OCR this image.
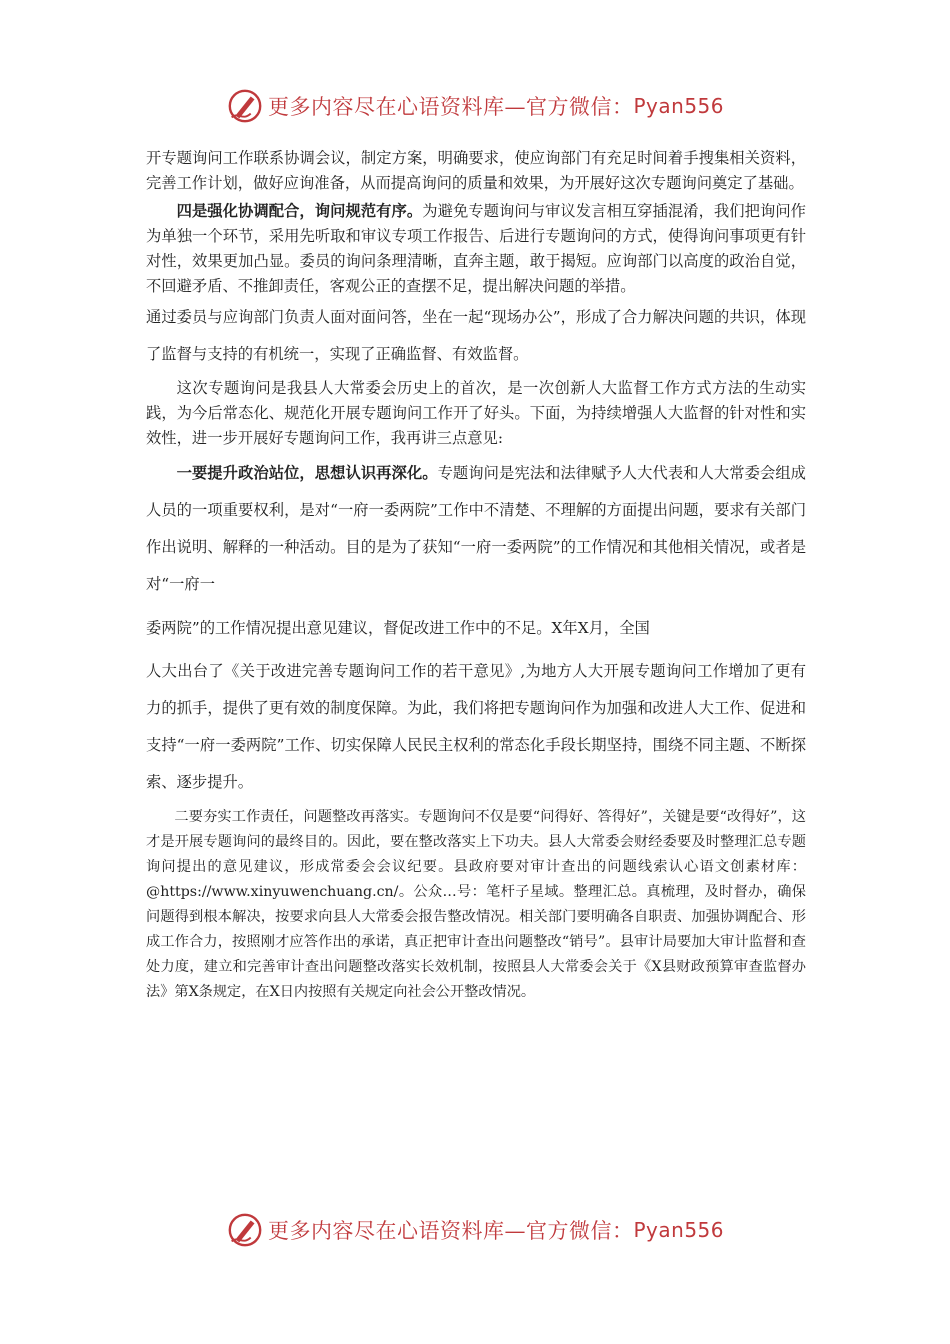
更多内容尽在心语资料库—官方微信： Pyan556

开专题询问工作联系协调会议，制定方案，明确要求，使应询部门有充足时间着手搜集相关资料，完善工作计划，做好应询准备，从而提高询问的质量和效果，为开展好这次专题询问奠定了基础。

四是强化协调配合，询问规范有序。为避免专题询问与审议发言相互穿插混淆，我们把询问作为单独一个环节，采用先听取和审议专项工作报告、后进行专题询问的方式，使得询问事项更有针对性，效果更加凸显。委员的询问条理清晰，直奔主题，敢于揭短。应询部门以高度的政治自觉，不回避矛盾、不推卸责任，客观公正的查摆不足，提出解决问题的举措。

通过委员与应询部门负责人面对面问答，坐在一起“现场办公”，形成了合力解决问题的共识，体现了监督与支持的有机统一，实现了正确监督、有效监督。

这次专题询问是我县人大常委会历史上的首次，是一次创新人大监督工作方式方法的生动实践，为今后常态化、规范化开展专题询问工作开了好头。下面，为持续增强人大监督的针对性和实效性，进一步开展好专题询问工作，我再讲三点意见:

一要提升政治站位，思想认识再深化。专题询问是宪法和法律赋予人大代表和人大常委会组成人员的一项重要权利，是对“一府一委两院”工作中不清楚、不理解的方面提出问题，要求有关部门作出说明、解释的一种活动。目的是为了获知“一府一委两院”的工作情况和其他相关情况，或者是对“一府一

委两院”的工作情况提出意见建议，督促改进工作中的不足。X年X月，全国

人大出台了《关于改进完善专题询问工作的若干意见》,为地方人大开展专题询问工作增加了更有力的抓手，提供了更有效的制度保障。为此，我们将把专题询问作为加强和改进人大工作、促进和支持“一府一委两院”工作、切实保障人民民主权利的常态化手段长期坚持，围绕不同主题、不断探索、逐步提升。

二要夯实工作责任，问题整改再落实。专题询问不仅是要“问得好、答得好”，关键是要“改得好”，这才是开展专题询问的最终目的。因此，要在整改落实上下功夫。县人大常委会财经委要及时整理汇总专题询问提出的意见建议，形成常委会会议纪要。县政府要对审计查出的问题线索认心语文创素材库：@https://www.xinyuwenchuang.cn/。公众…号：笔杆子星域。整理汇总。真梳理，及时督办，确保问题得到根本解决，按要求向县人大常委会报告整改情况。相关部门要明确各自职责、加强协调配合、形成工作合力，按照刚才应答作出的承诺，真正把审计查出问题整改“销号”。县审计局要加大审计监督和查处力度，建立和完善审计查出问题整改落实长效机制，按照县人大常委会关于《X县财政预算审查监督办法》第X条规定，在X日内按照有关规定向社会公开整改情况。

更多内容尽在心语资料库—官方微信： Pyan556
